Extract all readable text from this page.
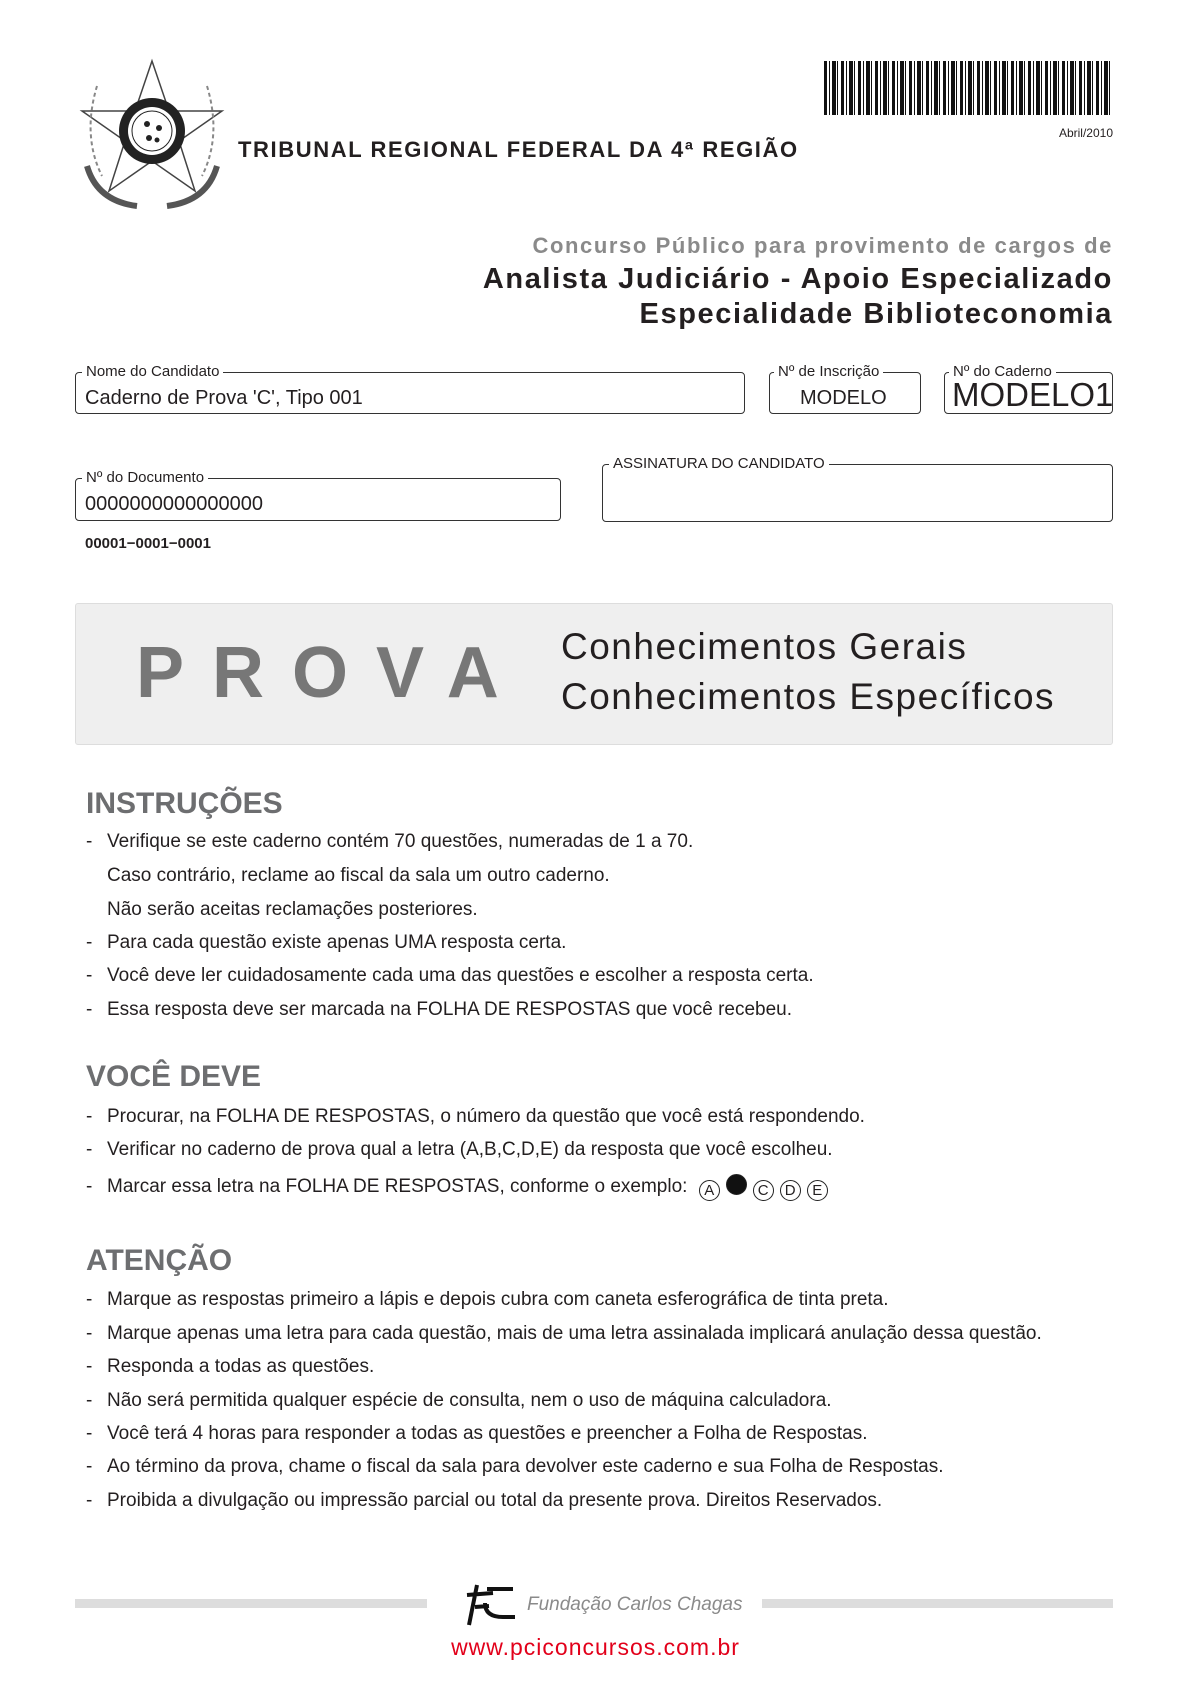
Abril/2010
TRIBUNAL REGIONAL FEDERAL DA 4ª REGIÃO
Concurso Público para provimento de cargos de
Analista Judiciário - Apoio Especializado
Especialidade Biblioteconomia
Nome do Candidato
Caderno de Prova 'C', Tipo 001
Nº de Inscrição
MODELO
Nº do Caderno
MODELO1
Nº do Documento
0000000000000000
ASSINATURA DO CANDIDATO
00001−0001−0001
PROVA Conhecimentos Gerais
Conhecimentos Específicos
INSTRUÇÕES
- Verifique se este caderno contém 70 questões, numeradas de 1 a 70.
Caso contrário, reclame ao fiscal da sala um outro caderno.
Não serão aceitas reclamações posteriores.
- Para cada questão existe apenas UMA resposta certa.
- Você deve ler cuidadosamente cada uma das questões e escolher a resposta certa.
- Essa resposta deve ser marcada na FOLHA DE RESPOSTAS que você recebeu.
VOCÊ DEVE
- Procurar, na FOLHA DE RESPOSTAS, o número da questão que você está respondendo.
- Verificar no caderno de prova qual a letra (A,B,C,D,E) da resposta que você escolheu.
- Marcar essa letra na FOLHA DE RESPOSTAS, conforme o exemplo: A	C D E
ATENÇÃO
- Marque as respostas primeiro a lápis e depois cubra com caneta esferográfica de tinta preta.
- Marque apenas uma letra para cada questão, mais de uma letra assinalada implicará anulação dessa questão.
- Responda a todas as questões.
- Não será permitida qualquer espécie de consulta, nem o uso de máquina calculadora.
- Você terá 4 horas para responder a todas as questões e preencher a Folha de Respostas.
- Ao término da prova, chame o fiscal da sala para devolver este caderno e sua Folha de Respostas.
- Proibida a divulgação ou impressão parcial ou total da presente prova. Direitos Reservados.
Fundação Carlos Chagas
www.pciconcursos.com.br
